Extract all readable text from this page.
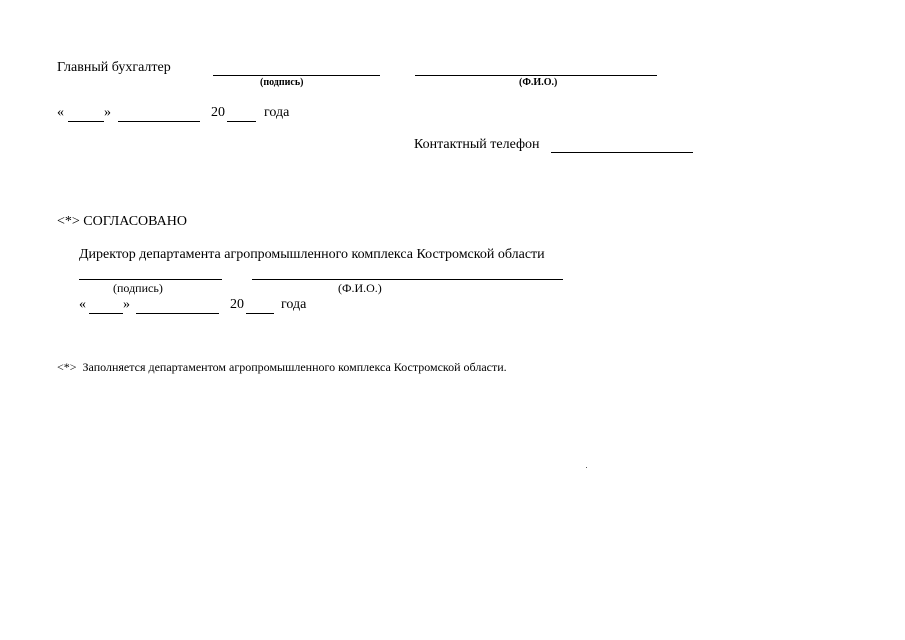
Главный бухгалтер
(подпись)	(Ф.И.О.)
«	»	20	года
Контактный телефон
<*> СОГЛАСОВАНО
Директор департамента агропромышленного комплекса Костромской области
(подпись)	(Ф.И.О.)
«	»	20	года
<*> Заполняется департаментом агропромышленного комплекса Костромской области.
